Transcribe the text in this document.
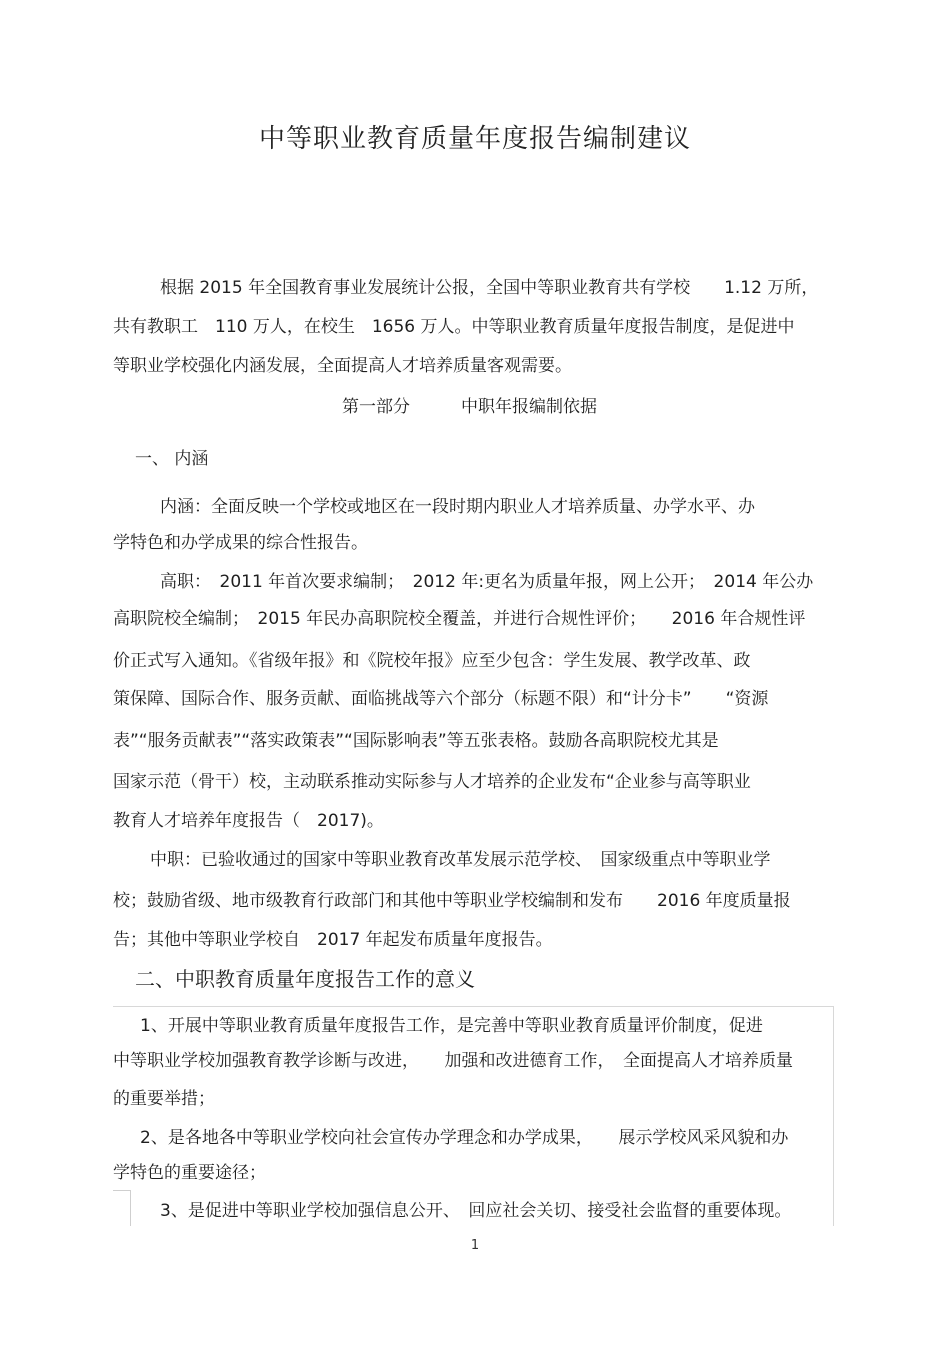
中等职业教育质量年度报告编制建议
根据 2015 年全国教育事业发展统计公报，全国中等职业教育共有学校　　1.12 万所，
共有教职工　110 万人，在校生　1656 万人。中等职业教育质量年度报告制度，是促进中
等职业学校强化内涵发展，全面提高人才培养质量客观需要。
第一部分　　　中职年报编制依据
一、 内涵
内涵：全面反映一个学校或地区在一段时期内职业人才培养质量、办学水平、办
学特色和办学成果的综合性报告。
高职：　2011 年首次要求编制；　2012 年:更名为质量年报，网上公开；　2014 年公办
高职院校全编制；　2015 年民办高职院校全覆盖，并进行合规性评价；　　2016 年合规性评
价正式写入通知。《省级年报》和《院校年报》应至少包含：学生发展、教学改革、政
策保障、国际合作、服务贡献、面临挑战等六个部分（标题不限）和“计分卡”　　“资源
表”“服务贡献表”“落实政策表”“国际影响表”等五张表格。鼓励各高职院校尤其是
国家示范（骨干）校，主动联系推动实际参与人才培养的企业发布“企业参与高等职业
教育人才培养年度报告（　2017)。
中职：已验收通过的国家中等职业教育改革发展示范学校、　国家级重点中等职业学
校；鼓励省级、地市级教育行政部门和其他中等职业学校编制和发布　　2016 年度质量报
告；其他中等职业学校自　2017 年起发布质量年度报告。
二、中职教育质量年度报告工作的意义
1、开展中等职业教育质量年度报告工作，是完善中等职业教育质量评价制度，促进
中等职业学校加强教育教学诊断与改进，　　加强和改进德育工作，　全面提高人才培养质量
的重要举措；
2、是各地各中等职业学校向社会宣传办学理念和办学成果，　　展示学校风采风貌和办
学特色的重要途径；
3、是促进中等职业学校加强信息公开、　回应社会关切、接受社会监督的重要体现。
1
